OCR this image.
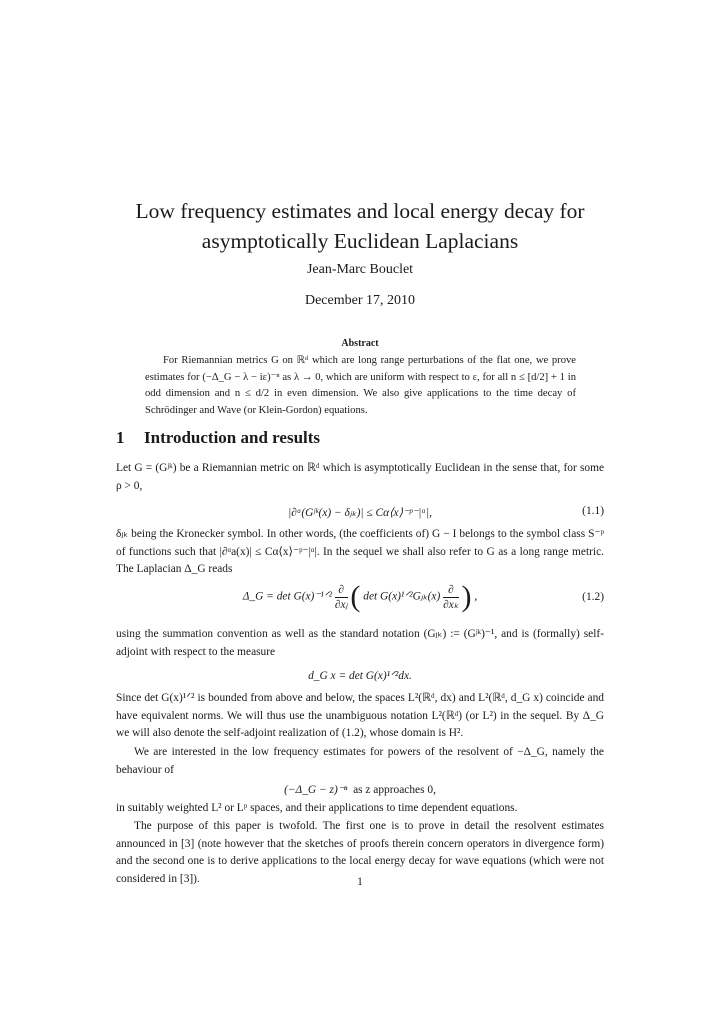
Low frequency estimates and local energy decay for
asymptotically Euclidean Laplacians
Jean-Marc Bouclet
December 17, 2010
Abstract
For Riemannian metrics G on ℝᵈ which are long range perturbations of the flat one, we prove estimates for (−Δ_G − λ − iε)⁻ⁿ as λ → 0, which are uniform with respect to ε, for all n ≤ [d/2] + 1 in odd dimension and n ≤ d/2 in even dimension. We also give applications to the time decay of Schrödinger and Wave (or Klein-Gordon) equations.
1 Introduction and results
Let G = (Gʲᵏ) be a Riemannian metric on ℝᵈ which is asymptotically Euclidean in the sense that, for some ρ > 0,
|∂ᵅ(Gʲᵏ(x) − δⱼₖ)| ≤ Cα⟨x⟩⁻ᵖ⁻|ᵅ|,	(1.1)
δⱼₖ being the Kronecker symbol. In other words, (the coefficients of) G − I belongs to the symbol class S⁻ᵖ of functions such that |∂ᵅa(x)| ≤ Cα⟨x⟩⁻ᵖ⁻|ᵅ|. In the sequel we shall also refer to G as a long range metric. The Laplacian Δ_G reads
Δ_G = det G(x)⁻¹ᐟ² $\frac{\partial}{\text{∂xⱼ}}$ ( det G(x)¹ᐟ²Gⱼₖ(x) $\frac{\partial}{\text{∂xₖ}}$ ) ,	(1.2)
using the summation convention as well as the standard notation (Gⱼₖ) := (Gʲᵏ)⁻¹, and is (formally) self-adjoint with respect to the measure
d_G x = det G(x)¹ᐟ²dx.
Since det G(x)¹ᐟ² is bounded from above and below, the spaces L²(ℝᵈ, dx) and L²(ℝᵈ, d_G x) coincide and have equivalent norms. We will thus use the unambiguous notation L²(ℝᵈ) (or L²) in the sequel. By Δ_G we will also denote the self-adjoint realization of (1.2), whose domain is H².
We are interested in the low frequency estimates for powers of the resolvent of −Δ_G, namely the behaviour of
(−Δ_G − z)⁻ⁿ as z approaches 0,
in suitably weighted L² or Lᵖ spaces, and their applications to time dependent equations.
The purpose of this paper is twofold. The first one is to prove in detail the resolvent estimates announced in [3] (note however that the sketches of proofs therein concern operators in divergence form) and the second one is to derive applications to the local energy decay for wave equations (which were not considered in [3]).	1
